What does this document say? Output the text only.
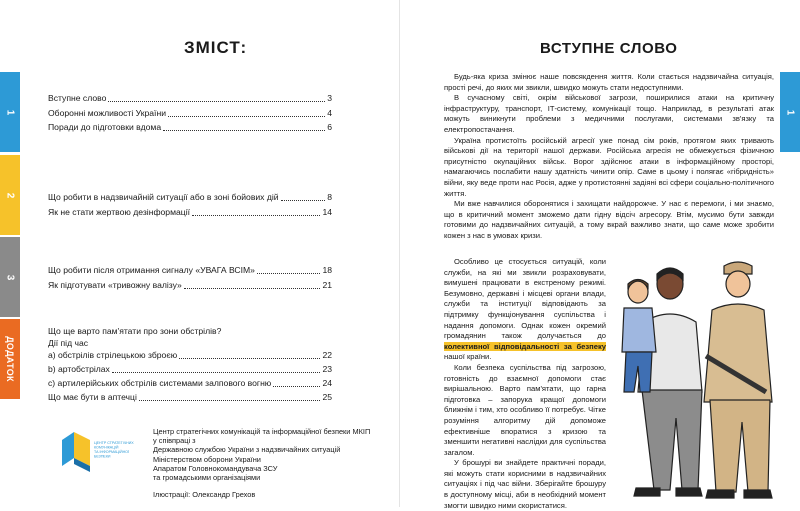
1
2
3
ДОДАТОК
ЗМІСТ:
Вступне слово	3
Оборонні можливості України	4
Поради до підготовки вдома	6
Що робити в надзвичайній ситуації або в зоні бойових дій	8
Як не стати жертвою дезінформації	14
Що робити після отримання сигналу «УВАГА ВСІМ»	18
Як підготувати «тривожну валізу»	21
Що ще варто пам'ятати про зони обстрілів?
Дії під час
а) обстрілів стрілецькою зброєю	22
b) артобстрілах	23
c) артилерійських обстрілів системами залпового вогню	24
Що має бути в аптечці	25
ЦЕНТР СТРАТЕГІЧНИХ
КОМУНІКАЦІЙ
ТА ІНФОРМАЦІЙНОЇ
БЕЗПЕКИ
Центр стратегічних комунікацій та інформаційної безпеки МКІП
у співпраці з
Державною службою України з надзвичайних ситуацій
Міністерством оборони України
Апаратом Головнокомандувача ЗСУ
та громадськими організаціями
Ілюстрації: Олександр Грехов
ВСТУПНЕ СЛОВО
1

Будь-яка криза змінює наше повсякдення життя. Коли стається надзвичайна ситуація, прості речі, до яких ми звикли, швидко можуть стати недоступними.

В сучасному світі, окрім військової загрози, поширилися атаки на критичну інфраструктуру, транспорт, ІТ-систему, комунікації тощо. Наприклад, в результаті атак можуть виникнути проблеми з медичними послугами, системами зв'язку та електропостачання.

Україна протистоїть російській агресії уже понад сім років, протягом яких тривають військові дії на території нашої держави. Російська агресія не обмежується фізичною присутністю окупаційних військ. Ворог здійснює атаки в інформаційному просторі, намагаючись послабити нашу здатність чинити опір. Саме в цьому і полягає «гібридність» війни, яку веде проти нас Росія, адже у протистоянні задіяні всі сфери соціально-політичного життя.

Ми вже навчилися оборонятися і захищати найдорожче. У нас є перемоги, і ми знаємо, що в критичний момент зможемо дати гідну відсіч агресору. Втім, мусимо бути завжди готовими до надзвичайних ситуацій, а тому вкрай важливо знати, що саме може зробити кожен з нас в умовах кризи.

Особливо це стосується ситуацій, коли служби, на які ми звикли розраховувати, вимушені працювати в екстреному режимі. Безумовно, державні і місцеві органи влади, служби та інституції відповідають за підтримку функціонування суспільства і надання допомоги. Однак кожен окремий громадянин також долучається до колективної відповідальності за безпеку нашої країни.

Коли безпека суспільства під загрозою, готовність до взаємної допомоги стає вирішальною. Варто пам'ятати, що гарна підготовка – запорука кращої допомоги ближнім і тим, хто особливо її потребує. Чітке розуміння алгоритму дій допоможе ефективніше впоратися з кризою та зменшити негативні наслідки для суспільства загалом.

У брошурі ви знайдете практичні поради, які можуть стати корисними в надзвичайних ситуаціях і під час війни. Зберігайте брошуру в доступному місці, аби в необхідний момент змогти швидко ними скористатися.
